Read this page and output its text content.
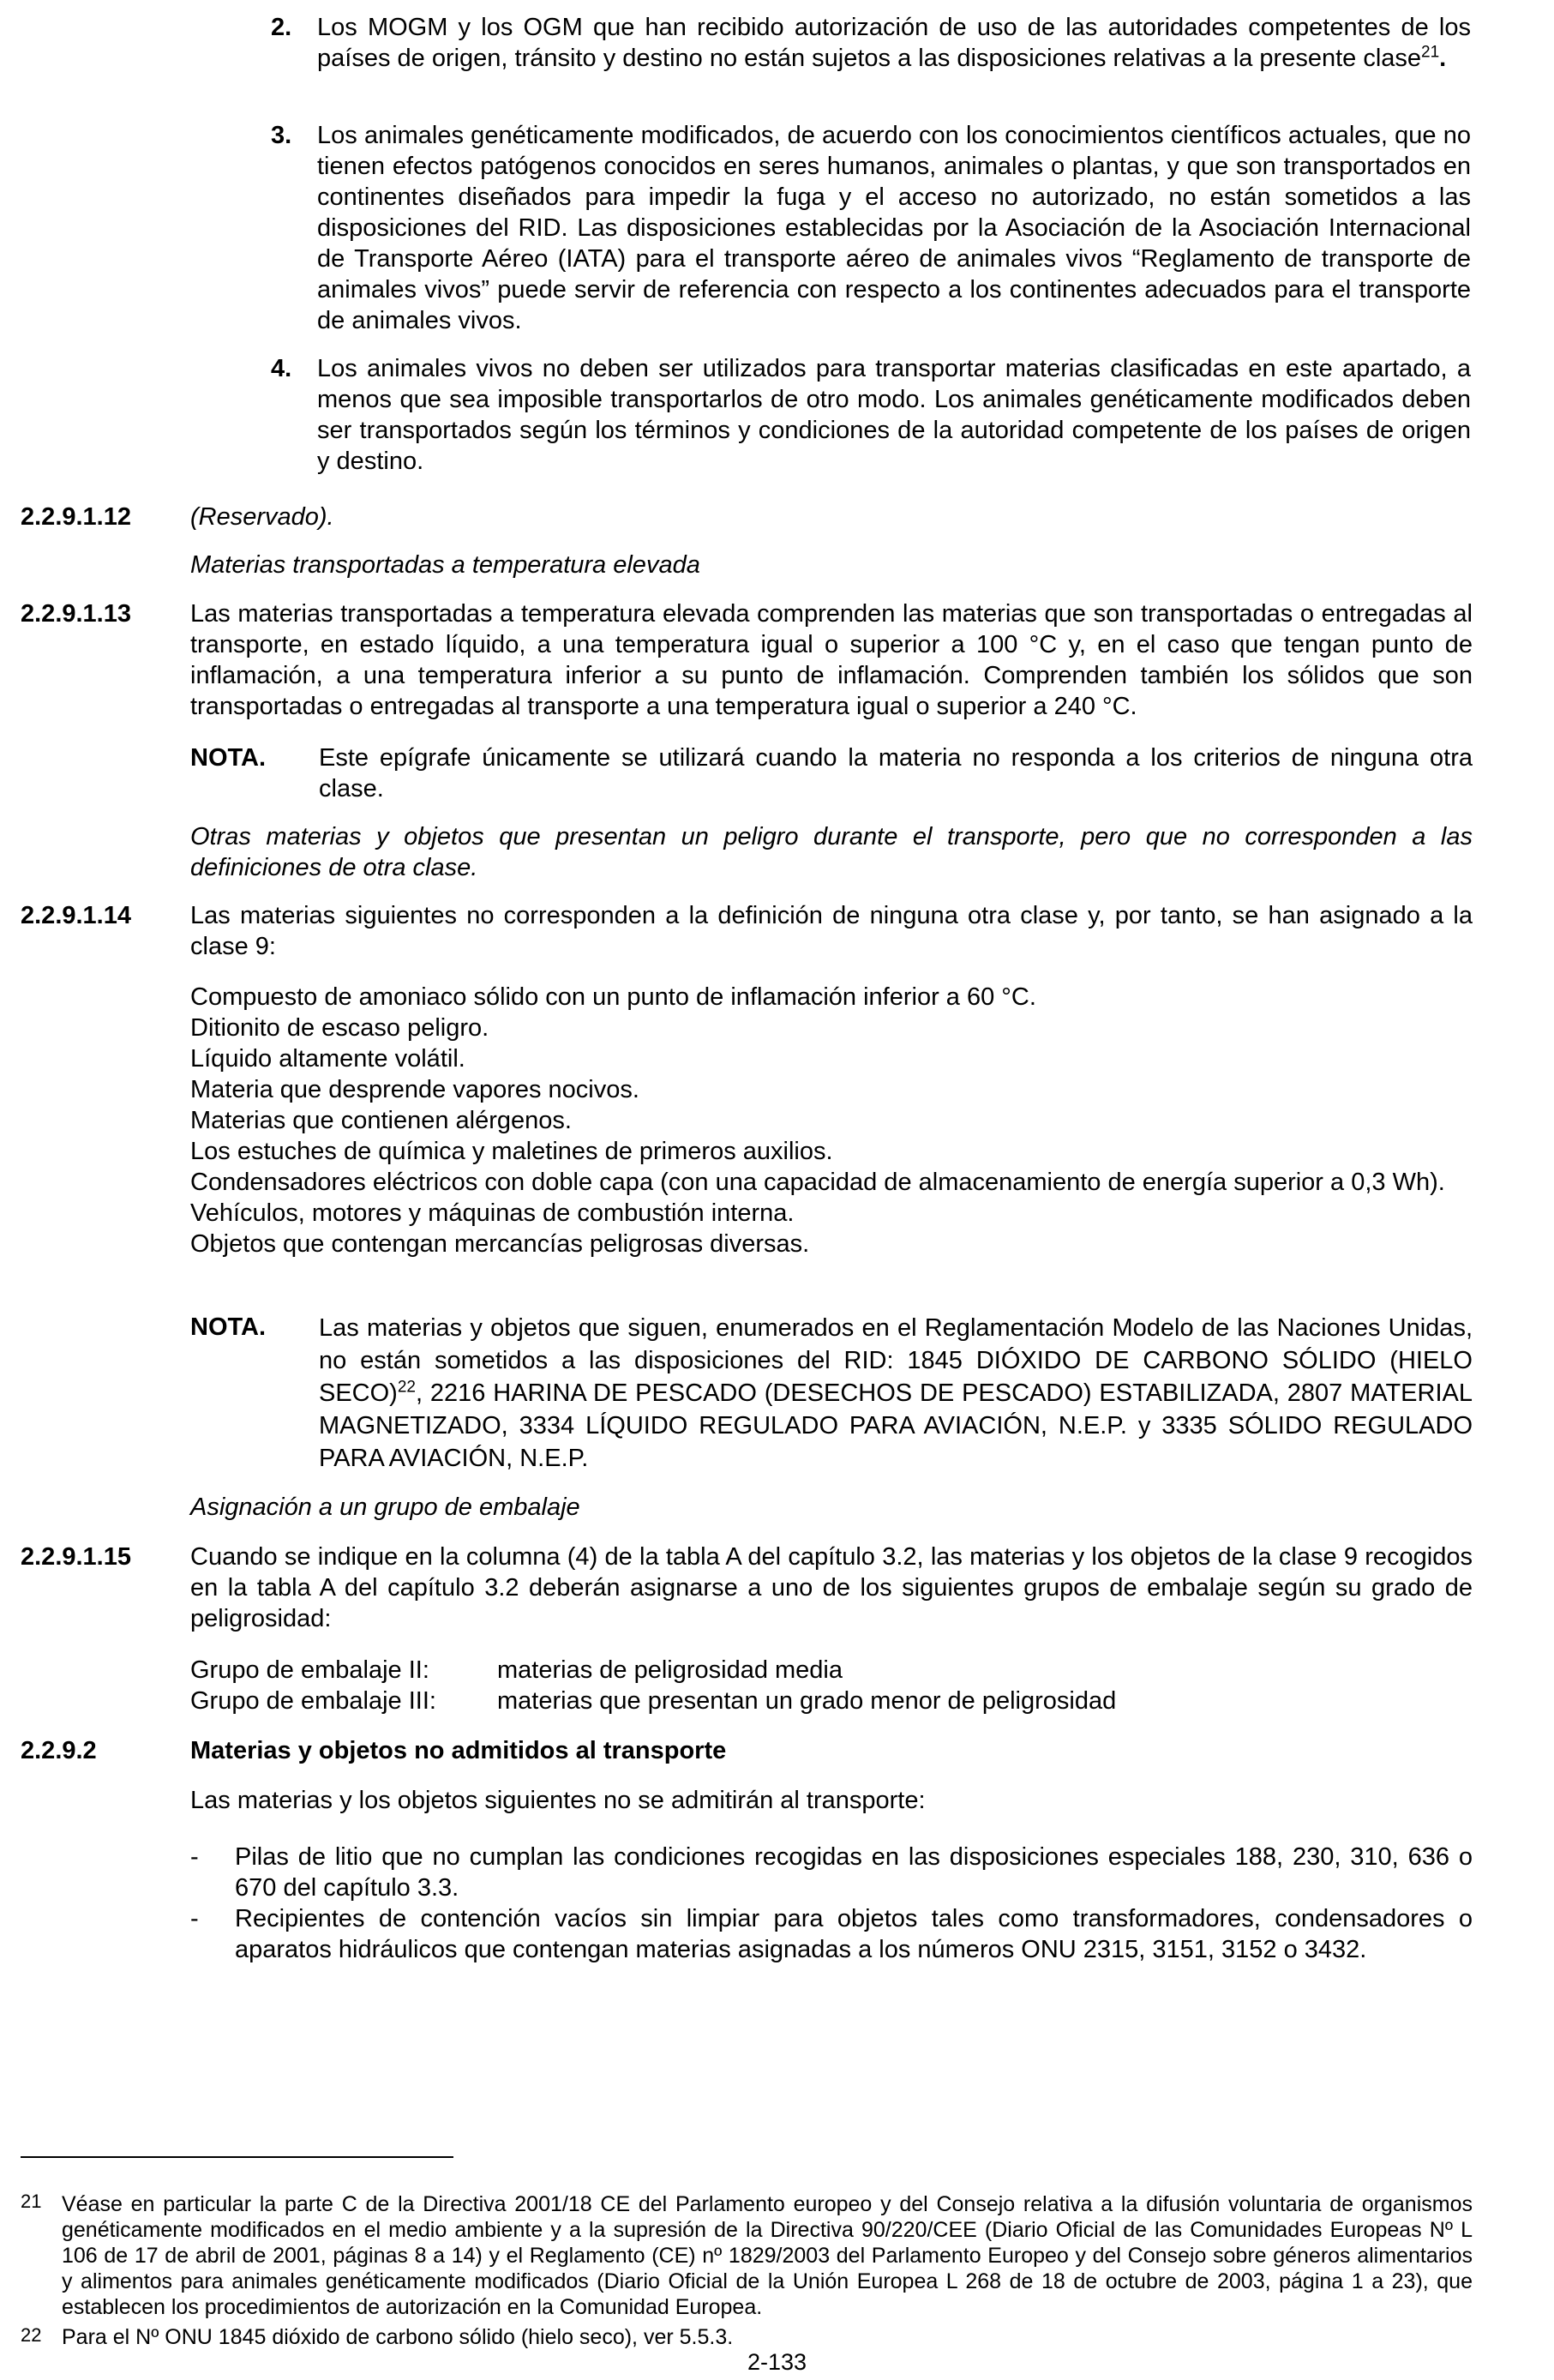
2. Los MOGM y los OGM que han recibido autorización de uso de las autoridades competentes de los países de origen, tránsito y destino no están sujetos a las disposiciones relativas a la presente clase$^{21}$.
3. Los animales genéticamente modificados, de acuerdo con los conocimientos científicos actuales, que no tienen efectos patógenos conocidos en seres humanos, animales o plantas, y que son transportados en continentes diseñados para impedir la fuga y el acceso no autorizado, no están sometidos a las disposiciones del RID. Las disposiciones establecidas por la Asociación de la Asociación Internacional de Transporte Aéreo (IATA) para el transporte aéreo de animales vivos “Reglamento de transporte de animales vivos” puede servir de referencia con respecto a los continentes adecuados para el transporte de animales vivos.
4. Los animales vivos no deben ser utilizados para transportar materias clasificadas en este apartado, a menos que sea imposible transportarlos de otro modo. Los animales genéticamente modificados deben ser transportados según los términos y condiciones de la autoridad competente de los países de origen y destino.
2.2.9.1.12 (Reservado).
Materias transportadas a temperatura elevada
2.2.9.1.13 Las materias transportadas a temperatura elevada comprenden las materias que son transportadas o entregadas al transporte, en estado líquido, a una temperatura igual o superior a 100 °C y, en el caso que tengan punto de inflamación, a una temperatura inferior a su punto de inflamación. Comprenden también los sólidos que son transportadas o entregadas al transporte a una temperatura igual o superior a 240 °C.
NOTA. Este epígrafe únicamente se utilizará cuando la materia no responda a los criterios de ninguna otra clase.
Otras materias y objetos que presentan un peligro durante el transporte, pero que no corresponden a las definiciones de otra clase.
2.2.9.1.14 Las materias siguientes no corresponden a la definición de ninguna otra clase y, por tanto, se han asignado a la clase 9:
Compuesto de amoniaco sólido con un punto de inflamación inferior a 60 °C.
Ditionito de escaso peligro.
Líquido altamente volátil.
Materia que desprende vapores nocivos.
Materias que contienen alérgenos.
Los estuches de química y maletines de primeros auxilios.
Condensadores eléctricos con doble capa (con una capacidad de almacenamiento de energía superior a 0,3 Wh).
Vehículos, motores y máquinas de combustión interna.
Objetos que contengan mercancías peligrosas diversas.
NOTA. Las materias y objetos que siguen, enumerados en el Reglamentación Modelo de las Naciones Unidas, no están sometidos a las disposiciones del RID: 1845 DIÓXIDO DE CARBONO SÓLIDO (HIELO SECO)$^{22}$, 2216 HARINA DE PESCADO (DESECHOS DE PESCADO) ESTABILIZADA, 2807 MATERIAL MAGNETIZADO, 3334 LÍQUIDO REGULADO PARA AVIACIÓN, N.E.P. y 3335 SÓLIDO REGULADO PARA AVIACIÓN, N.E.P.
Asignación a un grupo de embalaje
2.2.9.1.15 Cuando se indique en la columna (4) de la tabla A del capítulo 3.2, las materias y los objetos de la clase 9 recogidos en la tabla A del capítulo 3.2 deberán asignarse a uno de los siguientes grupos de embalaje según su grado de peligrosidad:
Grupo de embalaje II:	materias de peligrosidad media
Grupo de embalaje III: materias que presentan un grado menor de peligrosidad
2.2.9.2	Materias y objetos no admitidos al transporte
Las materias y los objetos siguientes no se admitirán al transporte:
- Pilas de litio que no cumplan las condiciones recogidas en las disposiciones especiales 188, 230, 310, 636 o 670 del capítulo 3.3.
- Recipientes de contención vacíos sin limpiar para objetos tales como transformadores, condensadores o aparatos hidráulicos que contengan materias asignadas a los números ONU 2315, 3151, 3152 o 3432.
21 Véase en particular la parte C de la Directiva 2001/18 CE del Parlamento europeo y del Consejo relativa a la difusión voluntaria de organismos genéticamente modificados en el medio ambiente y a la supresión de la Directiva 90/220/CEE (Diario Oficial de las Comunidades Europeas Nº L 106 de 17 de abril de 2001, páginas 8 a 14) y el Reglamento (CE) nº 1829/2003 del Parlamento Europeo y del Consejo sobre géneros alimentarios y alimentos para animales genéticamente modificados (Diario Oficial de la Unión Europea L 268 de 18 de octubre de 2003, página 1 a 23), que establecen los procedimientos de autorización en la Comunidad Europea.
22 Para el Nº ONU 1845 dióxido de carbono sólido (hielo seco), ver 5.5.3.
2-133
